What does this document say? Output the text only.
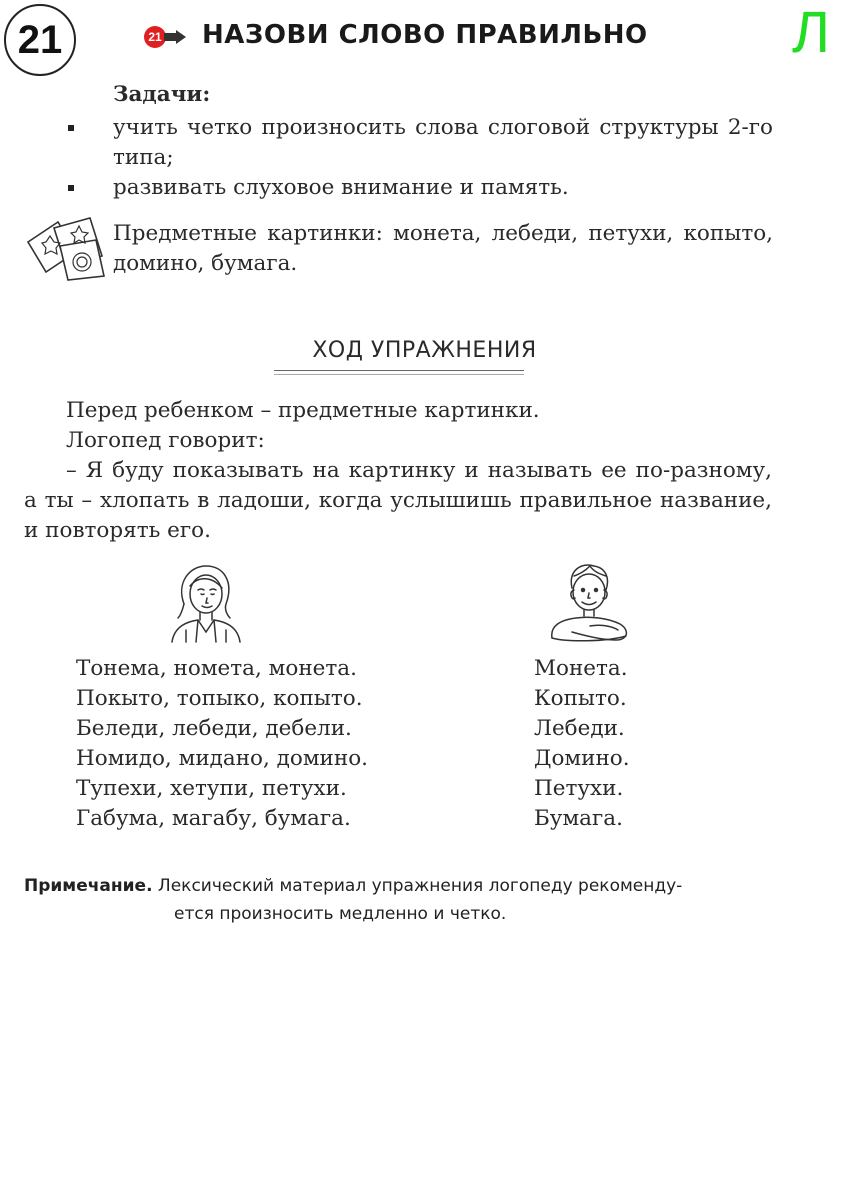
21	21 НАЗОВИ СЛОВО ПРАВИЛЬНО Л
Задачи:
учить четко произносить слова слоговой структуры 2-го типа;
развивать слуховое внимание и память.
Предметные картинки: монета, лебеди, петухи, копыто, домино, бумага.
ХОД УПРАЖНЕНИЯ
Перед ребенком – предметные картинки.
Логопед говорит:
– Я буду показывать на картинку и называть ее по-разному, а ты – хлопать в ладоши, когда услышишь правильное название, и повторять его.
Тонема, номета, монета.
Покыто, топыко, копыто.
Беледи, лебеди, дебели.
Номидо, мидано, домино.
Тупехи, хетупи, петухи.
Габума, магабу, бумага.
Монета.
Копыто.
Лебеди.
Домино.
Петухи.
Бумага.
Примечание. Лексический материал упражнения логопеду рекоменду-
ется произносить медленно и четко.
